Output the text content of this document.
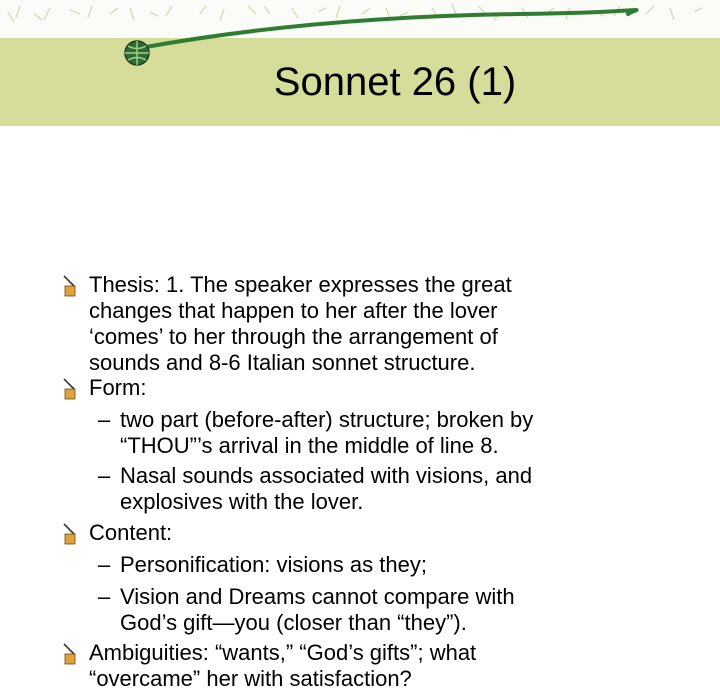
Sonnet 26 (1)

Thesis: 1. The speaker expresses the great
changes that happen to her after the lover
‘comes’ to her through the arrangement of
sounds and 8-6 Italian sonnet structure.

Form:

– two part (before-after) structure; broken by
“THOU”’s arrival in the middle of line 8.
– Nasal sounds associated with visions, and
explosives with the lover.

Content:

– Personification: visions as they;
– Vision and Dreams cannot compare with
God’s gift—you (closer than “they”).

Ambiguities: “wants,” “God’s gifts”; what
“overcame” her with satisfaction?
